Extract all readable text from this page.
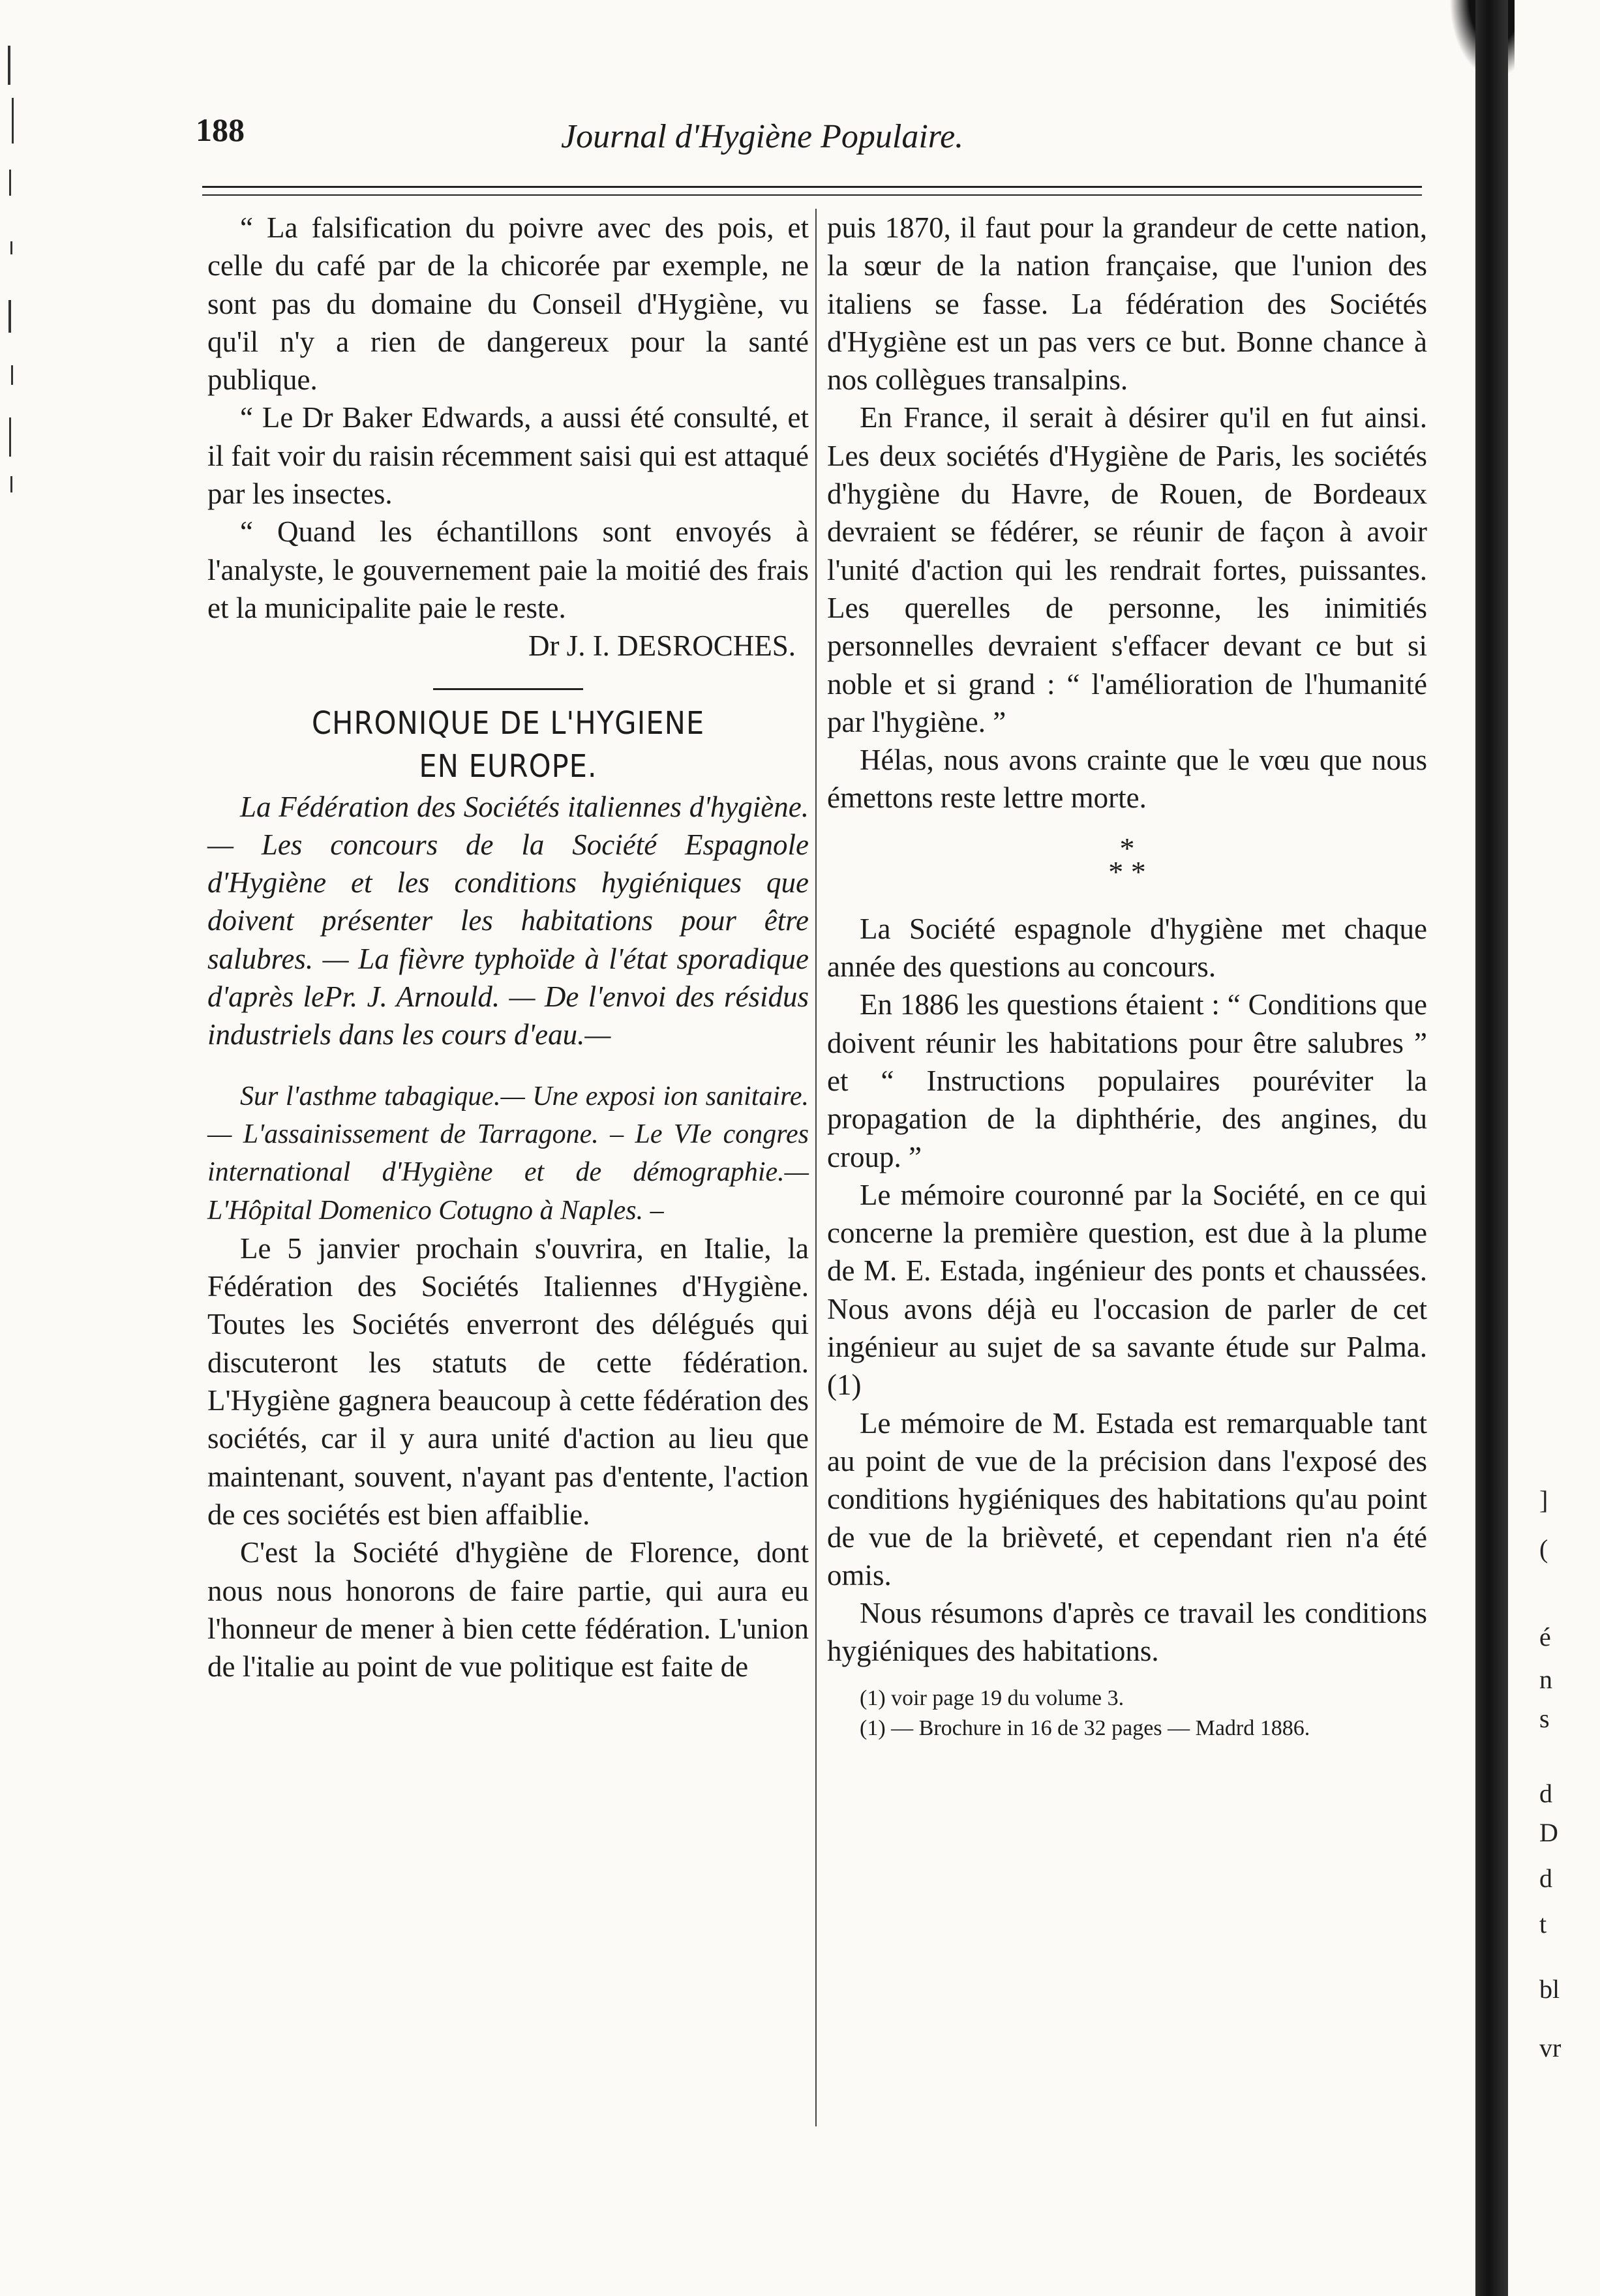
]
(
é
n
s
d
D
d
t
bl
vr
188	Journal d'Hygiène Populaire.

“ La falsification du poivre avec des pois, et celle du café par de la chicorée par exemple, ne sont pas du domaine du Conseil d'Hygiène, vu qu'il n'y a rien de dangereux pour la santé publique.

“ Le Dr Baker Edwards, a aussi été consulté, et il fait voir du raisin récemment saisi qui est attaqué par les insectes.

“ Quand les échantillons sont envoyés à l'analyste, le gouvernement paie la moitié des frais et la municipalite paie le reste.

Dr J. I. DESROCHES.

CHRONIQUE DE L'HYGIENE

EN EUROPE.

La Fédération des Sociétés italiennes d'hygiène. — Les concours de la Société Espagnole d'Hygiène et les conditions hygiéniques que doivent présenter les habitations pour être salubres. — La fièvre typhoïde à l'état sporadique d'après lePr. J. Arnould. — De l'envoi des résidus industriels dans les cours d'eau.—

Sur l'asthme tabagique.— Une exposi ion sanitaire.— L'assainissement de Tarragone. – Le VIe congres international d'Hygiène et de démographie.— L'Hôpital Domenico Cotugno à Naples. –

Le 5 janvier prochain s'ouvrira, en Italie, la Fédération des Sociétés Italiennes d'Hygiène. Toutes les Sociétés enverront des délégués qui discuteront les statuts de cette fédération. L'Hygiène gagnera beaucoup à cette fédération des sociétés, car il y aura unité d'action au lieu que maintenant, souvent, n'ayant pas d'entente, l'action de ces sociétés est bien affaiblie.

C'est la Société d'hygiène de Florence, dont nous nous honorons de faire partie, qui aura eu l'honneur de mener à bien cette fédération. L'union de l'italie au point de vue politique est faite de

puis 1870, il faut pour la grandeur de cette nation, la sœur de la nation française, que l'union des italiens se fasse. La fédération des Sociétés d'Hygiène est un pas vers ce but. Bonne chance à nos collègues transalpins.

En France, il serait à désirer qu'il en fut ainsi. Les deux sociétés d'Hygiène de Paris, les sociétés d'hygiène du Havre, de Rouen, de Bordeaux devraient se fédérer, se réunir de façon à avoir l'unité d'action qui les rendrait fortes, puissantes. Les querelles de personne, les inimitiés personnelles devraient s'effacer devant ce but si noble et si grand : “ l'amélioration de l'humanité par l'hygiène. ”

Hélas, nous avons crainte que le vœu que nous émettons reste lettre morte.

*
* *

La Société espagnole d'hygiène met chaque année des questions au concours.

En 1886 les questions étaient : “ Conditions que doivent réunir les habitations pour être salubres ” et “ Instructions populaires pouréviter la propagation de la diphthérie, des angines, du croup. ”

Le mémoire couronné par la Société, en ce qui concerne la première question, est due à la plume de M. E. Estada, ingénieur des ponts et chaussées. Nous avons déjà eu l'occasion de parler de cet ingénieur au sujet de sa savante étude sur Palma. (1)

Le mémoire de M. Estada est remarquable tant au point de vue de la précision dans l'exposé des conditions hygiéniques des habitations qu'au point de vue de la brièveté, et cependant rien n'a été omis.

Nous résumons d'après ce travail les conditions hygiéniques des habitations.

(1) voir page 19 du volume 3.

(1) — Brochure in 16 de 32 pages — Madrd 1886.
